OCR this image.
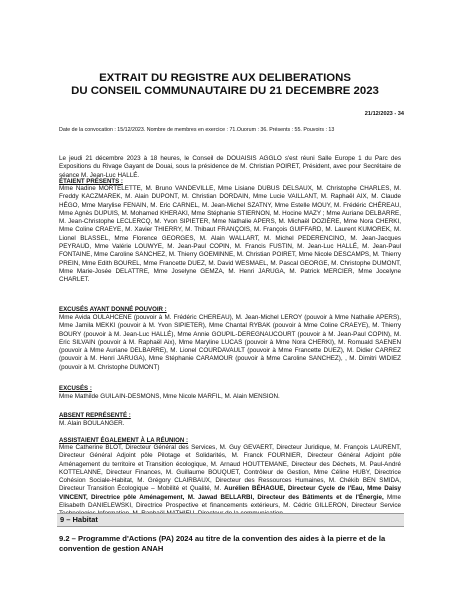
EXTRAIT DU REGISTRE AUX DELIBERATIONS
DU CONSEIL COMMUNAUTAIRE DU 21 DECEMBRE 2023
21/12/2023 - 34
Date de la convocation : 15/12/2023. Nombre de membres en exercice : 71.Ouorum : 36. Présents : 55. Pouvoirs : 13
Le jeudi 21 décembre 2023 à 18 heures, le Conseil de DOUAISIS AGGLO s'est réuni Salle Europe 1 du Parc des Expositions du Rivage Gayant de Douai, sous la présidence de M. Christian POIRET, Président, avec pour Secrétaire de séance M. Jean-Luc HALLÉ.
ÉTAIENT PRÉSENTS :
Mme Nadine MORTELETTE, M. Bruno VANDEVILLE, Mme Lisiane DUBUS DELSAUX, M. Christophe CHARLES, M. Freddy KACZMAREK, M. Alain DUPONT, M. Christian DORDAIN, Mme Lucie VAILLANT, M. Raphaël AIX, M. Claude HÉGO, Mme Marylise FENAIN, M. Eric CARNEL, M. Jean-Michel SZATNY, Mme Estelle MOUY, M. Frédéric CHÉREAU, Mme Agnès DUPUIS, M. Mohamed KHERAKI, Mme Stéphanie STIERNON, M. Hocine MAZY ; Mme Auriane DELBARRE, M. Jean-Christophe LECLERCQ, M. Yvon SIPIETER, Mme Nathalie APERS, M. Michaël DOZIÈRE, Mme Nora CHERKI, Mme Coline CRAEYE, M. Xavier THIERRY, M. Thibaut FRANÇOIS, M. François GUIFFARD, M. Laurent KUMOREK, M. Lionel BLASSEL, Mme Florence GEORGES, M. Alain WALLART, M. Michel PEDERENCINO, M. Jean-Jacques PEYRAUD, Mme Valérie LOUWYE, M. Jean-Paul COPIN, M. Francis FUSTIN, M. Jean-Luc HALLÉ, M. Jean-Paul FONTAINE, Mme Caroline SANCHEZ, M. Thierry GOEMINNE, M. Christian POIRET, Mme Nicole DESCAMPS, M. Thierry PREIN, Mme Edith BOUREL, Mme Francette DUEZ, M. David WESMAEL, M. Pascal GEORGE, M. Christophe DUMONT, Mme Marie-Josée DELATTRE, Mme Joselyne GEMZA, M. Henri JARUGA, M. Patrick MERCIER, Mme Jocelyne CHARLET.
EXCUSÉS AYANT DONNÉ POUVOIR :
Mme Avida OULAHCENE (pouvoir à M. Frédéric CHEREAU), M. Jean-Michel LEROY (pouvoir à Mme Nathalie APERS), Mme Jamila MEKKI (pouvoir à M. Yvon SIPIETER), Mme Chantal RYBAK (pouvoir à Mme Coline CRAEYE), M. Thierry BOURY (pouvoir à M. Jean-Luc HALLÉ), Mme Annie GOUPIL-DEREGNAUCOURT (pouvoir à M. Jean-Paul COPIN), M. Eric SILVAIN (pouvoir à M. Raphaël Aix), Mme Maryline LUCAS (pouvoir à Mme Nora CHERKI), M. Romuald SAENEN (pouvoir à Mme Auriane DELBARRE), M. Lionel COURDAVAULT (pouvoir à Mme Francette DUEZ), M. Didier CARREZ (pouvoir à M. Henri JARUGA), Mme Stéphanie CARAMOUR (pouvoir à Mme Caroline SANCHEZ), , M. Dimitri WIDIEZ (pouvoir à M. Christophe DUMONT)
EXCUSÉS :
Mme Mathilde GUILAIN-DESMONS, Mme Nicole MARFIL, M. Alain MENSION.
ABSENT REPRÉSENTÉ :
M. Alain BOULANGER.
ASSISTAIENT ÉGALEMENT À LA RÉUNION :
Mme Catherine BLOT, Directeur Général des Services, M. Guy GEVAERT, Directeur Juridique, M. François LAURENT, Directeur Général Adjoint pôle Pilotage et Solidarités, M. Franck FOURNIER, Directeur Général Adjoint pôle Aménagement du territoire et Transition écologique, M. Arnaud HOUTTEMANE, Directeur des Déchets, M. Paul-André KOTTELANNE, Directeur Finances, M. Guillaume BOUQUET, Contrôleur de Gestion, Mme Céline HUBY, Directrice Cohésion Sociale-Habitat, M. Grégory CLAIRBAUX, Directeur des Ressources Humaines, M. Chékib BEN SMIDA, Directeur Transition Écologique – Mobilité et Qualité, M. Aurélien BÉHAGUE, Directeur Cycle de l'Eau, Mme Daisy VINCENT, Directrice pôle Aménagement, M. Jawad BELLARBI, Directeur des Bâtiments et de l'Énergie, Mme Elisabeth DANIELEWSKI, Directrice Prospective et financements extérieurs, M. Cédric GILLERON, Directeur Service
9 – Habitat
9.2 – Programme d'Actions (PA) 2024 au titre de la convention des aides à la pierre et de la convention de gestion ANAH
